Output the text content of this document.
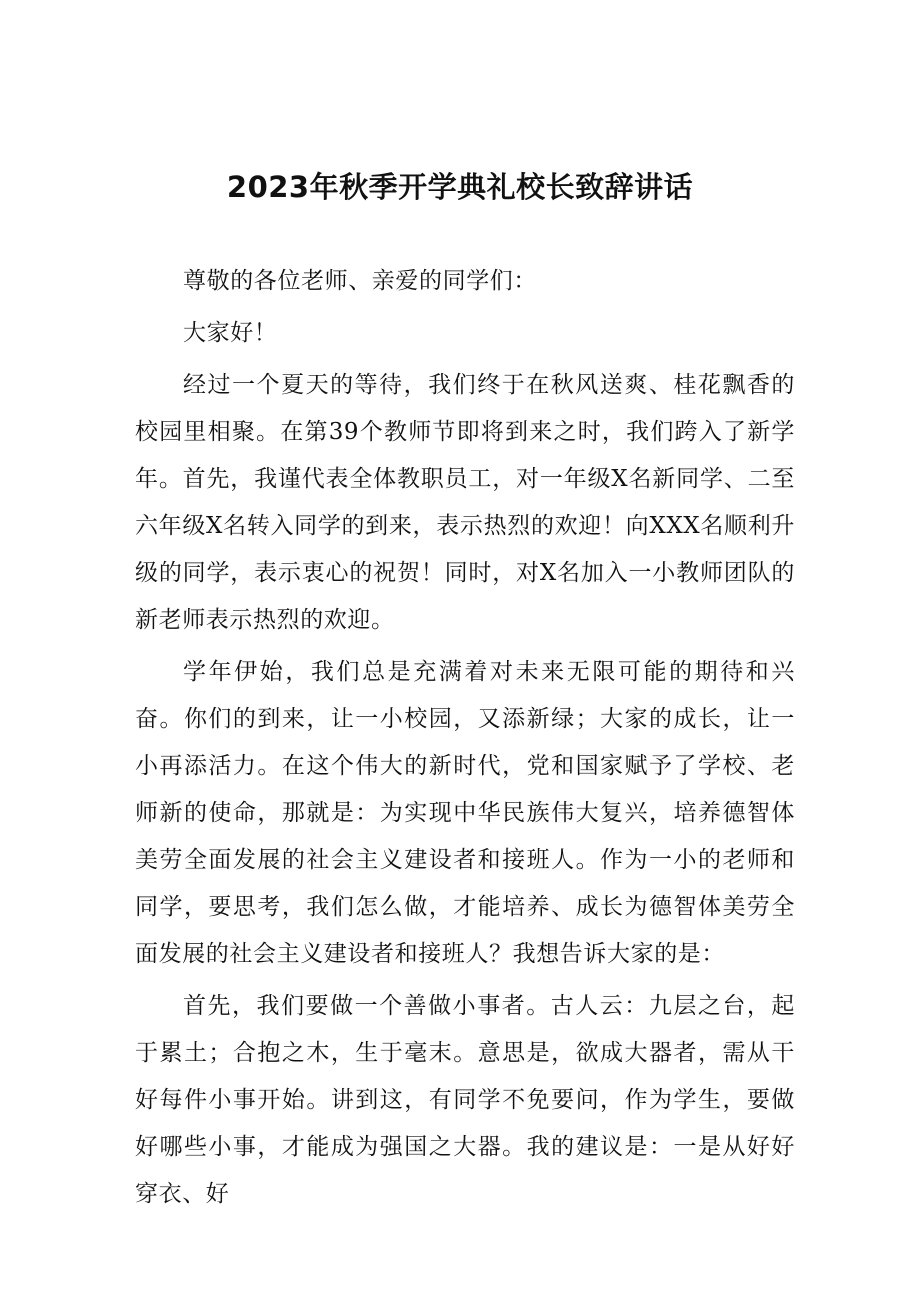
2023年秋季开学典礼校长致辞讲话

尊敬的各位老师、亲爱的同学们：

大家好！

经过一个夏天的等待，我们终于在秋风送爽、桂花飘香的校园里相聚。在第39个教师节即将到来之时，我们跨入了新学年。首先，我谨代表全体教职员工，对一年级X名新同学、二至六年级X名转入同学的到来，表示热烈的欢迎！向XXX名顺利升级的同学，表示衷心的祝贺！同时，对X名加入一小教师团队的新老师表示热烈的欢迎。

学年伊始，我们总是充满着对未来无限可能的期待和兴奋。你们的到来，让一小校园，又添新绿；大家的成长，让一小再添活力。在这个伟大的新时代，党和国家赋予了学校、老师新的使命，那就是：为实现中华民族伟大复兴，培养德智体美劳全面发展的社会主义建设者和接班人。作为一小的老师和同学，要思考，我们怎么做，才能培养、成长为德智体美劳全面发展的社会主义建设者和接班人？我想告诉大家的是：

首先，我们要做一个善做小事者。古人云：九层之台，起于累土；合抱之木，生于毫末。意思是，欲成大器者，需从干好每件小事开始。讲到这，有同学不免要问，作为学生，要做好哪些小事，才能成为强国之大器。我的建议是：一是从好好穿衣、好
